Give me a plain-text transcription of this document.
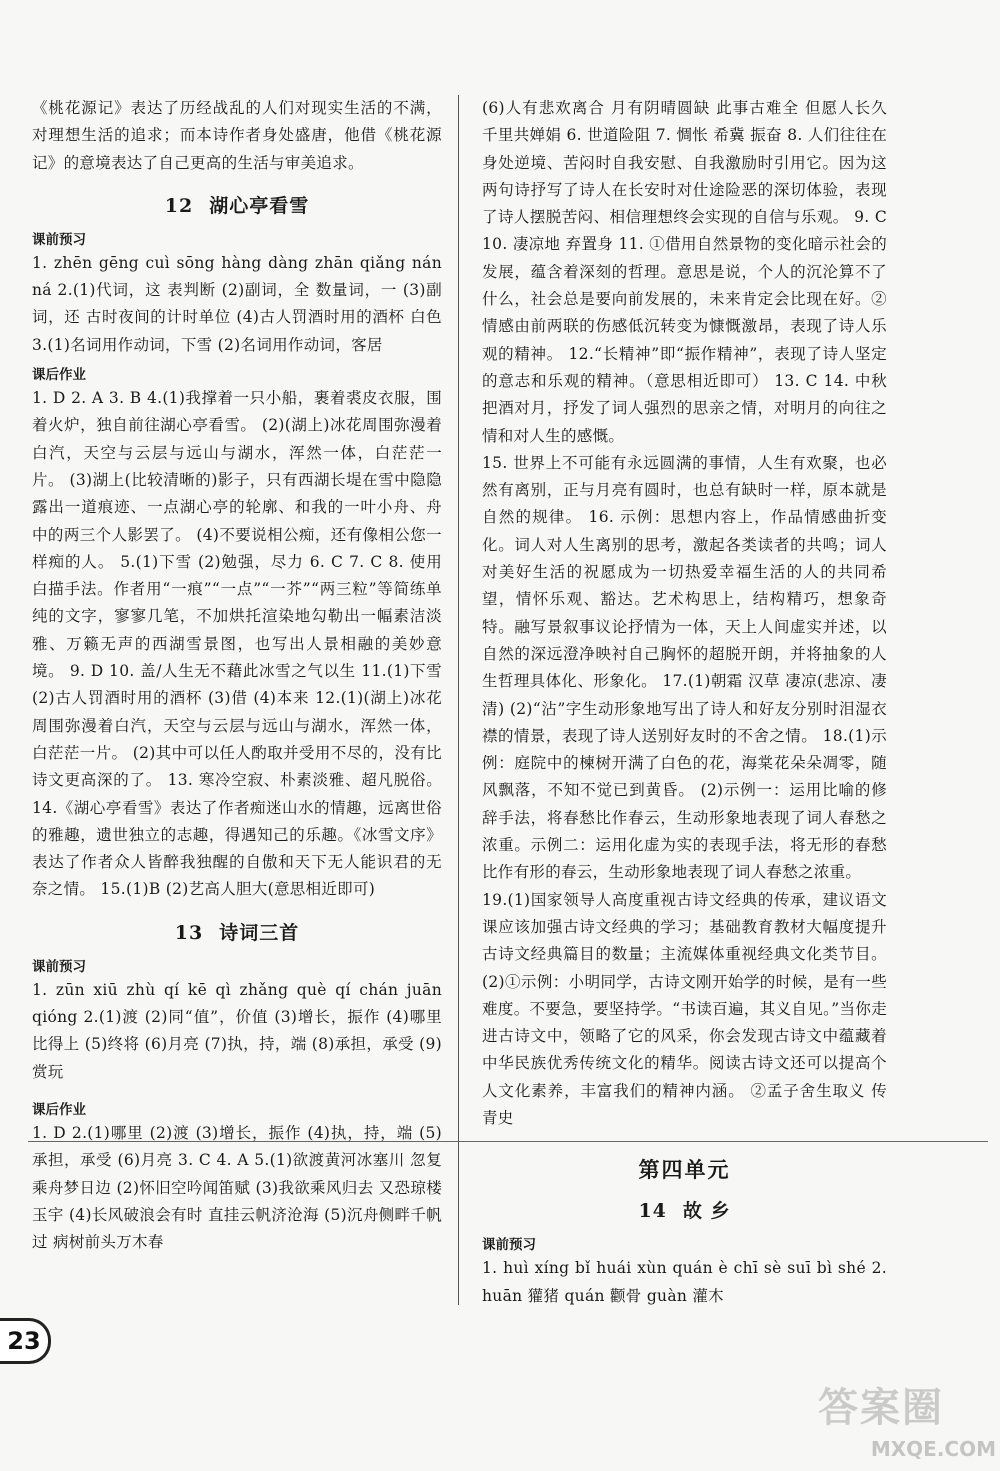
《桃花源记》表达了历经战乱的人们对现实生活的不满，对理想生活的追求；而本诗作者身处盛唐，他借《桃花源记》的意境表达了自己更高的生活与审美追求。

12 湖心亭看雪
课前预习

1. zhēn gēng cuì sōng hàng dàng zhān qiǎng nán ná 2.(1)代词，这 表判断 (2)副词，全 数量词，一 (3)副词，还 古时夜间的计时单位 (4)古人罚酒时用的酒杯 白色 3.(1)名词用作动词，下雪 (2)名词用作动词，客居

课后作业

1. D 2. A 3. B 4.(1)我撑着一只小船，裹着裘皮衣服，围着火炉，独自前往湖心亭看雪。 (2)(湖上)冰花周围弥漫着白汽，天空与云层与远山与湖水，浑然一体，白茫茫一片。 (3)湖上(比较清晰的)影子，只有西湖长堤在雪中隐隐露出一道痕迹、一点湖心亭的轮廓、和我的一叶小舟、舟中的两三个人影罢了。 (4)不要说相公痴，还有像相公您一样痴的人。 5.(1)下雪 (2)勉强，尽力 6. C 7. C 8. 使用白描手法。作者用“一痕”“一点”“一芥”“两三粒”等简练单纯的文字，寥寥几笔，不加烘托渲染地勾勒出一幅素洁淡雅、万籁无声的西湖雪景图，也写出人景相融的美妙意境。 9. D 10. 盖/人生无不藉此冰雪之气以生 11.(1)下雪 (2)古人罚酒时用的酒杯 (3)借 (4)本来 12.(1)(湖上)冰花周围弥漫着白汽，天空与云层与远山与湖水，浑然一体，白茫茫一片。 (2)其中可以任人酌取并受用不尽的，没有比诗文更高深的了。 13. 寒冷空寂、朴素淡雅、超凡脱俗。 14.《湖心亭看雪》表达了作者痴迷山水的情趣，远离世俗的雅趣，遗世独立的志趣，得遇知己的乐趣。《冰雪文序》表达了作者众人皆醉我独醒的自傲和天下无人能识君的无奈之情。 15.(1)B (2)艺高人胆大(意思相近即可)

13 诗词三首
课前预习

1. zūn xiū zhù qí kē qì zhǎng què qí chán juān qióng 2.(1)渡 (2)同“值”，价值 (3)增长，振作 (4)哪里比得上 (5)终将 (6)月亮 (7)执，持，端 (8)承担，承受 (9)赏玩

课后作业

1. D 2.(1)哪里 (2)渡 (3)增长，振作 (4)执，持，端 (5)承担，承受 (6)月亮 3. C 4. A 5.(1)欲渡黄河冰塞川 忽复乘舟梦日边 (2)怀旧空吟闻笛赋 (3)我欲乘风归去 又恐琼楼玉宇 (4)长风破浪会有时 直挂云帆济沧海 (5)沉舟侧畔千帆过 病树前头万木春

(6)人有悲欢离合 月有阴晴圆缺 此事古难全 但愿人长久 千里共婵娟 6. 世道险阻 7. 惆怅 希冀 振奋 8. 人们往往在身处逆境、苦闷时自我安慰、自我激励时引用它。因为这两句诗抒写了诗人在长安时对仕途险恶的深切体验，表现了诗人摆脱苦闷、相信理想终会实现的自信与乐观。 9. C 10. 凄凉地 弃置身 11. ①借用自然景物的变化暗示社会的发展，蕴含着深刻的哲理。意思是说，个人的沉沦算不了什么，社会总是要向前发展的，未来肯定会比现在好。②情感由前两联的伤感低沉转变为慷慨激昂，表现了诗人乐观的精神。 12.“长精神”即“振作精神”，表现了诗人坚定的意志和乐观的精神。（意思相近即可） 13. C 14. 中秋把酒对月，抒发了词人强烈的思亲之情，对明月的向往之情和对人生的感慨。

15. 世界上不可能有永远圆满的事情，人生有欢聚，也必然有离别，正与月亮有圆时，也总有缺时一样，原本就是自然的规律。 16. 示例：思想内容上，作品情感曲折变化。词人对人生离别的思考，激起各类读者的共鸣；词人对美好生活的祝愿成为一切热爱幸福生活的人的共同希望，情怀乐观、豁达。艺术构思上，结构精巧，想象奇特。融写景叙事议论抒情为一体，天上人间虚实并述，以自然的深远澄净映衬自己胸怀的超脱开朗，并将抽象的人生哲理具体化、形象化。 17.(1)朝霜 汉草 凄凉(悲凉、凄清) (2)“沾”字生动形象地写出了诗人和好友分别时泪湿衣襟的情景，表现了诗人送别好友时的不舍之情。 18.(1)示例：庭院中的楝树开满了白色的花，海棠花朵朵凋零，随风飘落，不知不觉已到黄昏。 (2)示例一：运用比喻的修辞手法，将春愁比作春云，生动形象地表现了词人春愁之浓重。示例二：运用化虚为实的表现手法，将无形的春愁比作有形的春云，生动形象地表现了词人春愁之浓重。

19.(1)国家领导人高度重视古诗文经典的传承，建议语文课应该加强古诗文经典的学习；基础教育教材大幅度提升古诗文经典篇目的数量；主流媒体重视经典文化类节目。 (2)①示例：小明同学，古诗文刚开始学的时候，是有一些难度。不要急，要坚持学。“书读百遍，其义自见。”当你走进古诗文中，领略了它的风采，你会发现古诗文中蕴藏着中华民族优秀传统文化的精华。阅读古诗文还可以提高个人文化素养，丰富我们的精神内涵。 ②孟子舍生取义 传青史

第四单元
14 故 乡
课前预习

1. huì xíng bǐ huái xùn quán è chī sè suī bì shé 2. huān 獾猪 quán 颧骨 guàn 灌木

23
答案圈
MXQE.COM
